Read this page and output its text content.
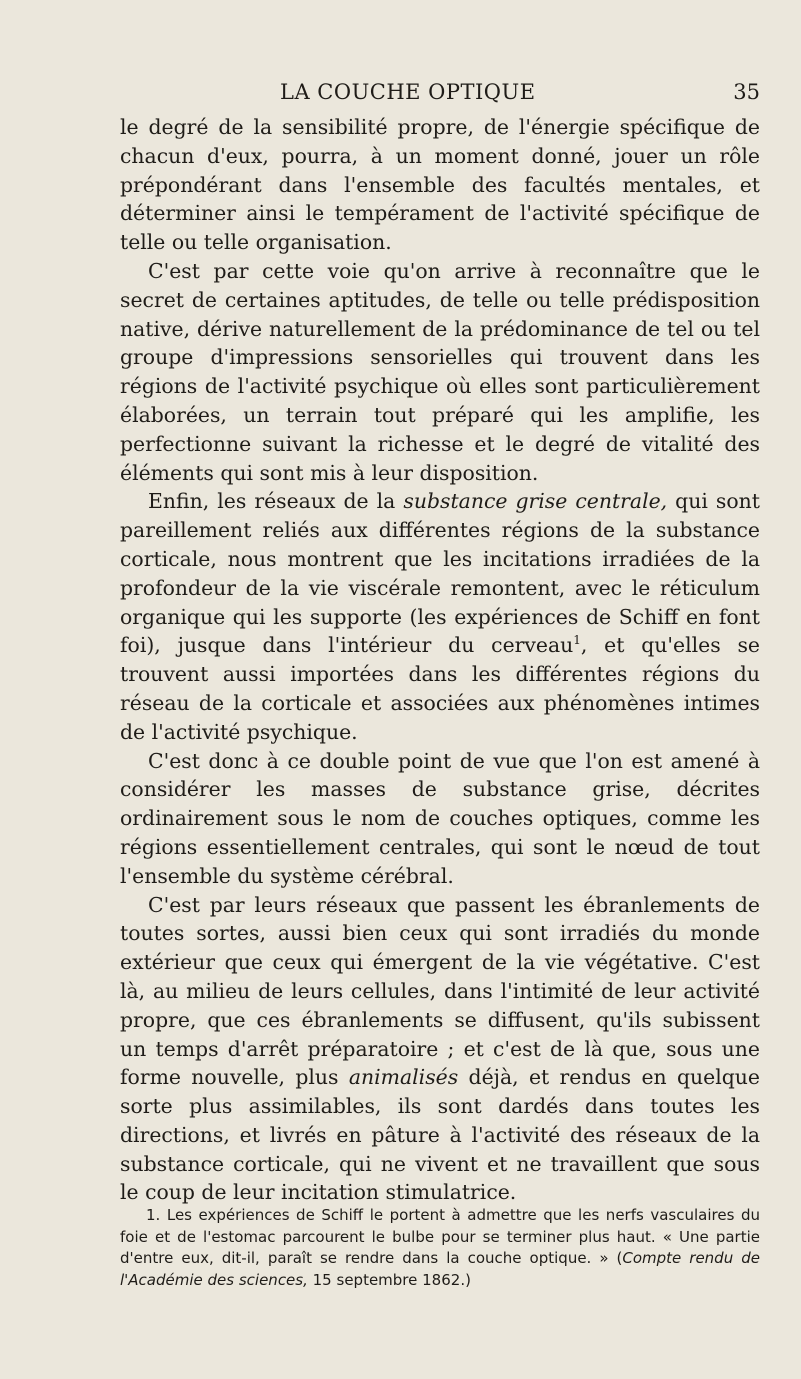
LA COUCHE OPTIQUE	35

le degré de la sensibilité propre, de l'énergie spécifique de chacun d'eux, pourra, à un moment donné, jouer un rôle prépondérant dans l'ensemble des facultés mentales, et déterminer ainsi le tempérament de l'activité spécifique de telle ou telle organisation.

C'est par cette voie qu'on arrive à reconnaître que le secret de certaines aptitudes, de telle ou telle prédisposition native, dérive naturellement de la prédominance de tel ou tel groupe d'impressions sensorielles qui trouvent dans les régions de l'activité psychique où elles sont particulièrement élaborées, un terrain tout préparé qui les amplifie, les perfectionne suivant la richesse et le degré de vitalité des éléments qui sont mis à leur disposition.

Enfin, les réseaux de la substance grise centrale, qui sont pareillement reliés aux différentes régions de la substance corticale, nous montrent que les incitations irradiées de la profondeur de la vie viscérale remontent, avec le réticulum organique qui les supporte (les expériences de Schiff en font foi), jusque dans l'intérieur du cerveau$^1$, et qu'elles se trouvent aussi importées dans les différentes régions du réseau de la corticale et associées aux phénomènes intimes de l'activité psychique.

C'est donc à ce double point de vue que l'on est amené à considérer les masses de substance grise, décrites ordinairement sous le nom de couches optiques, comme les régions essentiellement centrales, qui sont le nœud de tout l'ensemble du système cérébral.

C'est par leurs réseaux que passent les ébranlements de toutes sortes, aussi bien ceux qui sont irradiés du monde extérieur que ceux qui émergent de la vie végétative. C'est là, au milieu de leurs cellules, dans l'intimité de leur activité propre, que ces ébranlements se diffusent, qu'ils subissent un temps d'arrêt préparatoire ; et c'est de là que, sous une forme nouvelle, plus animalisés déjà, et rendus en quelque sorte plus assimilables, ils sont dardés dans toutes les directions, et livrés en pâture à l'activité des réseaux de la substance corticale, qui ne vivent et ne travaillent que sous le coup de leur incitation stimulatrice.

1. Les expériences de Schiff le portent à admettre que les nerfs vasculaires du foie et de l'estomac parcourent le bulbe pour se terminer plus haut. « Une partie d'entre eux, dit-il, paraît se rendre dans la couche optique. » (Compte rendu de l'Académie des sciences, 15 septembre 1862.)
